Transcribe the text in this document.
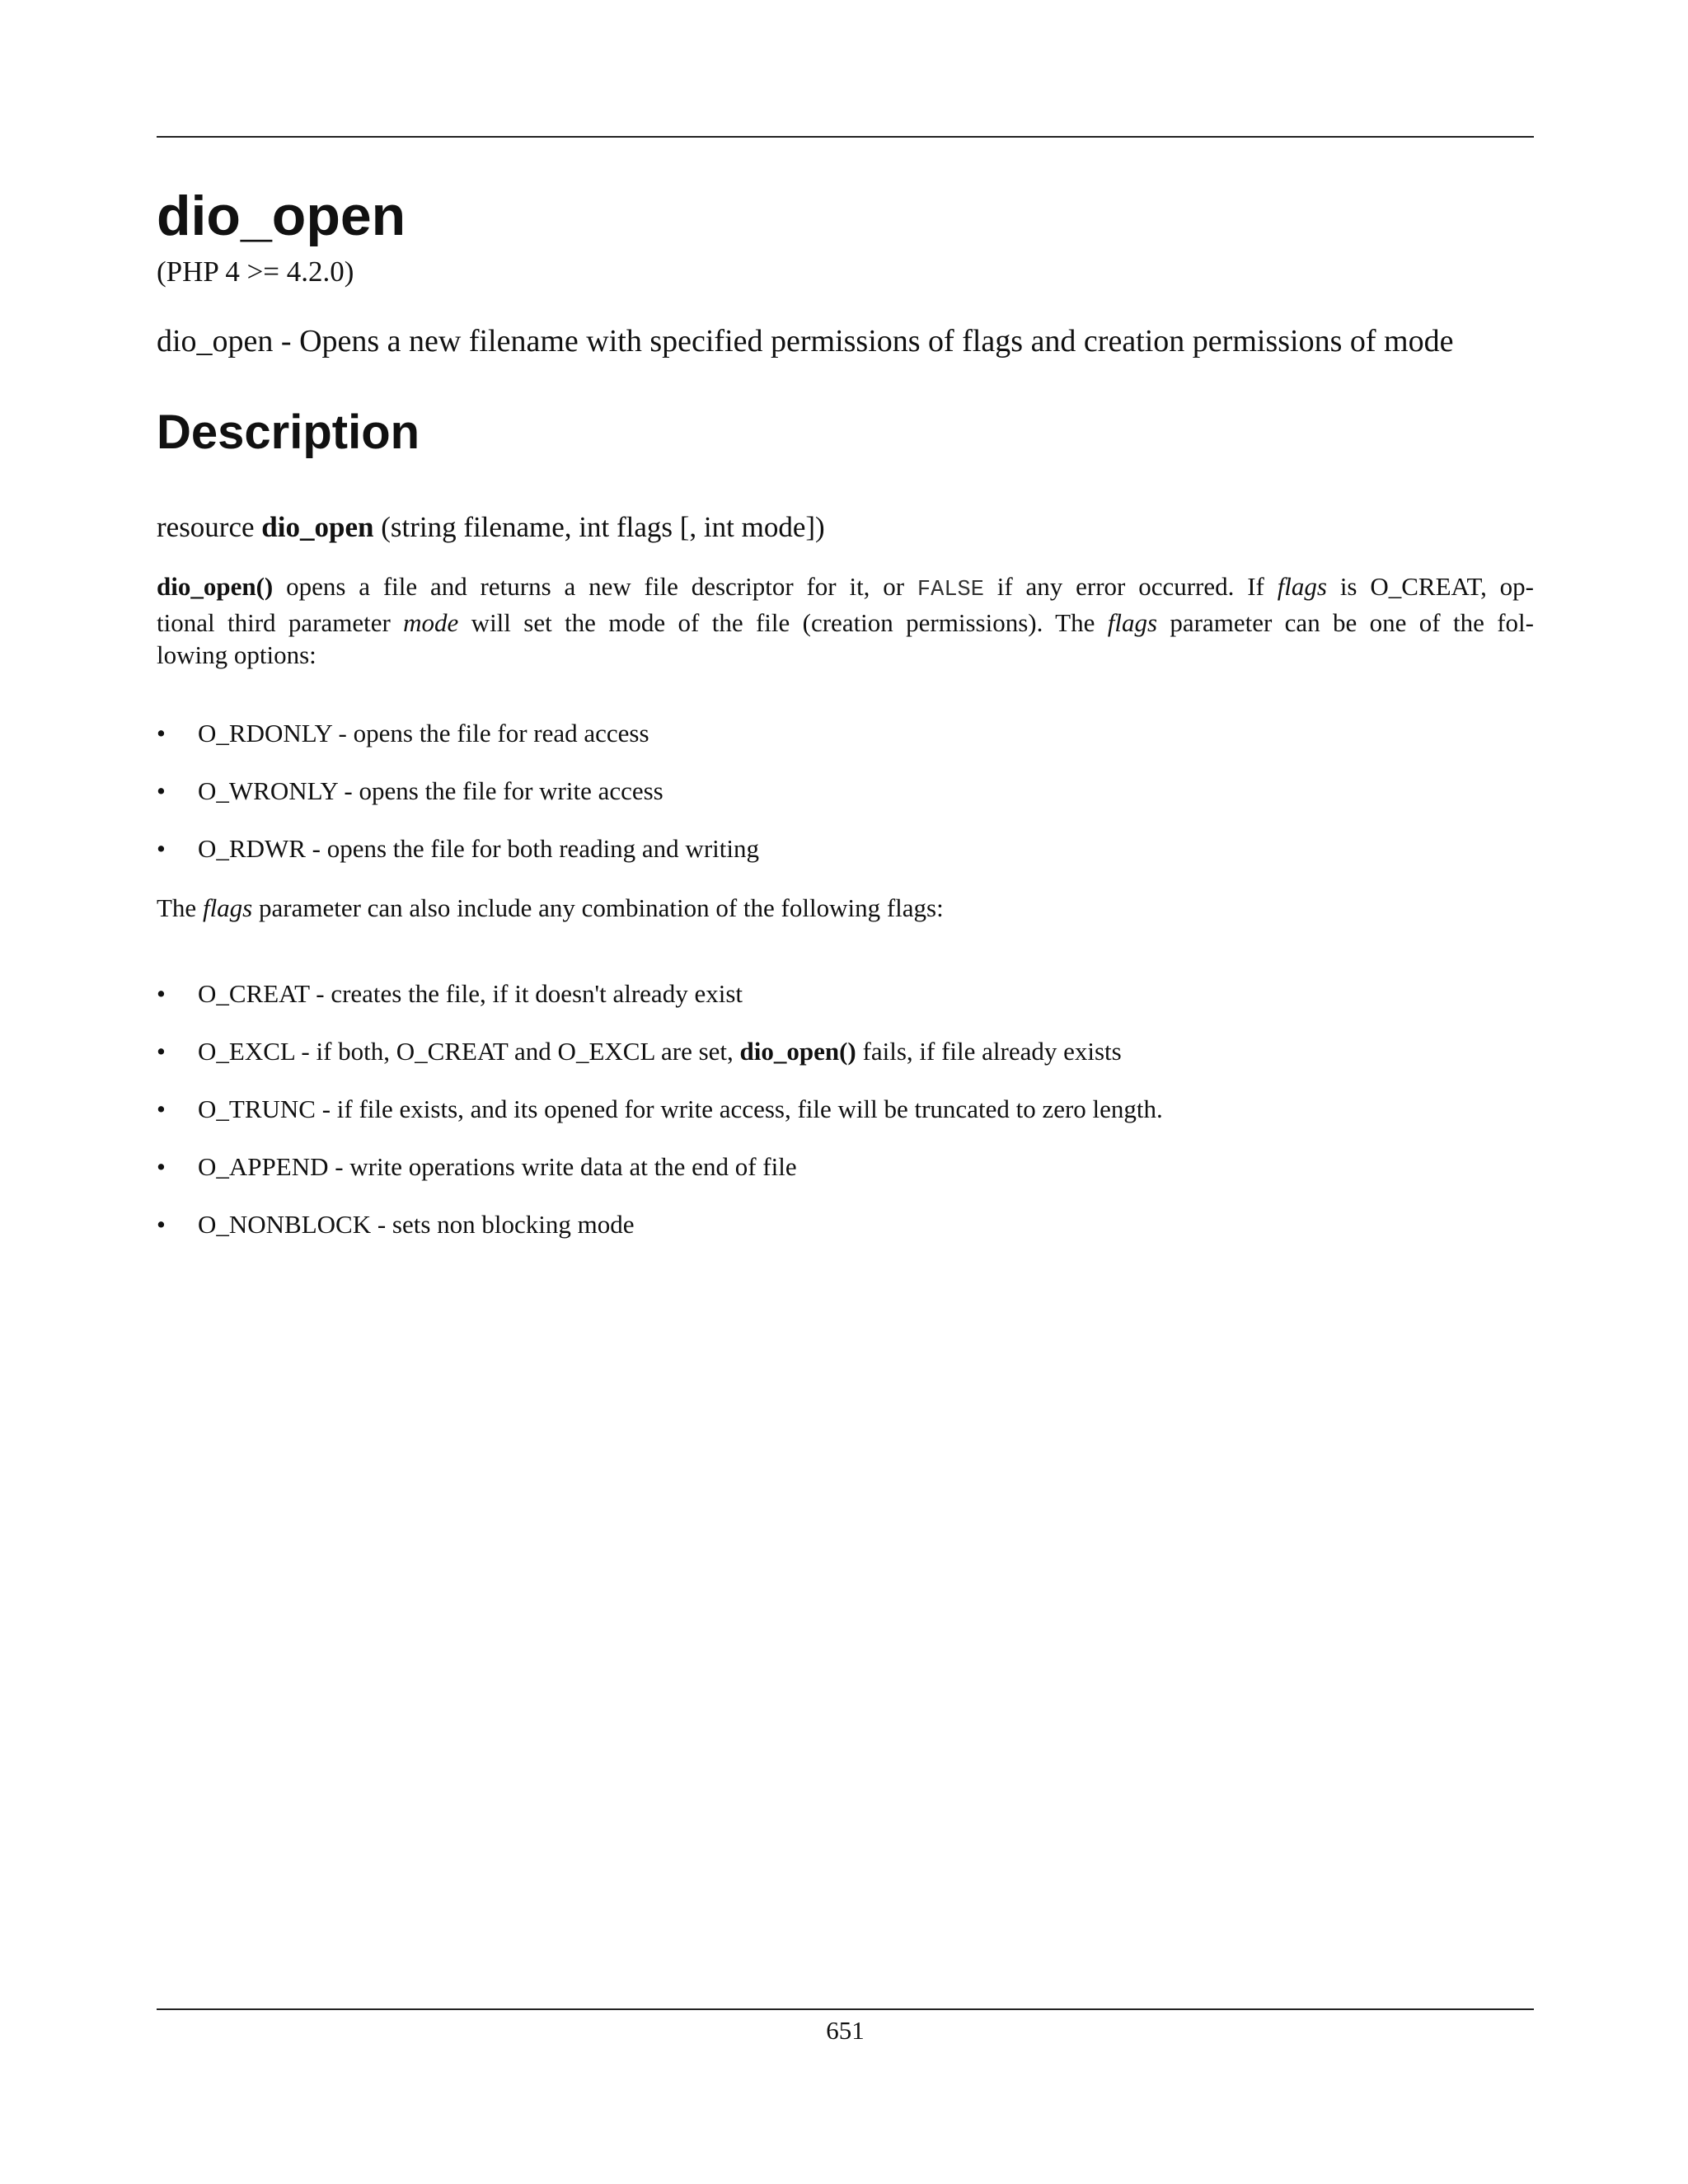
dio_open
(PHP 4 >= 4.2.0)
dio_open - Opens a new filename with specified permissions of flags and creation permissions of mode
Description
resource dio_open (string filename, int flags [, int mode])
dio_open() opens a file and returns a new file descriptor for it, or FALSE if any error occurred. If flags is O_CREAT, op-
tional third parameter mode will set the mode of the file (creation permissions). The flags parameter can be one of the fol-
lowing options:
• O_RDONLY - opens the file for read access
• O_WRONLY - opens the file for write access
• O_RDWR - opens the file for both reading and writing
The flags parameter can also include any combination of the following flags:
• O_CREAT - creates the file, if it doesn't already exist
• O_EXCL - if both, O_CREAT and O_EXCL are set, dio_open() fails, if file already exists
• O_TRUNC - if file exists, and its opened for write access, file will be truncated to zero length.
• O_APPEND - write operations write data at the end of file
• O_NONBLOCK - sets non blocking mode
651
